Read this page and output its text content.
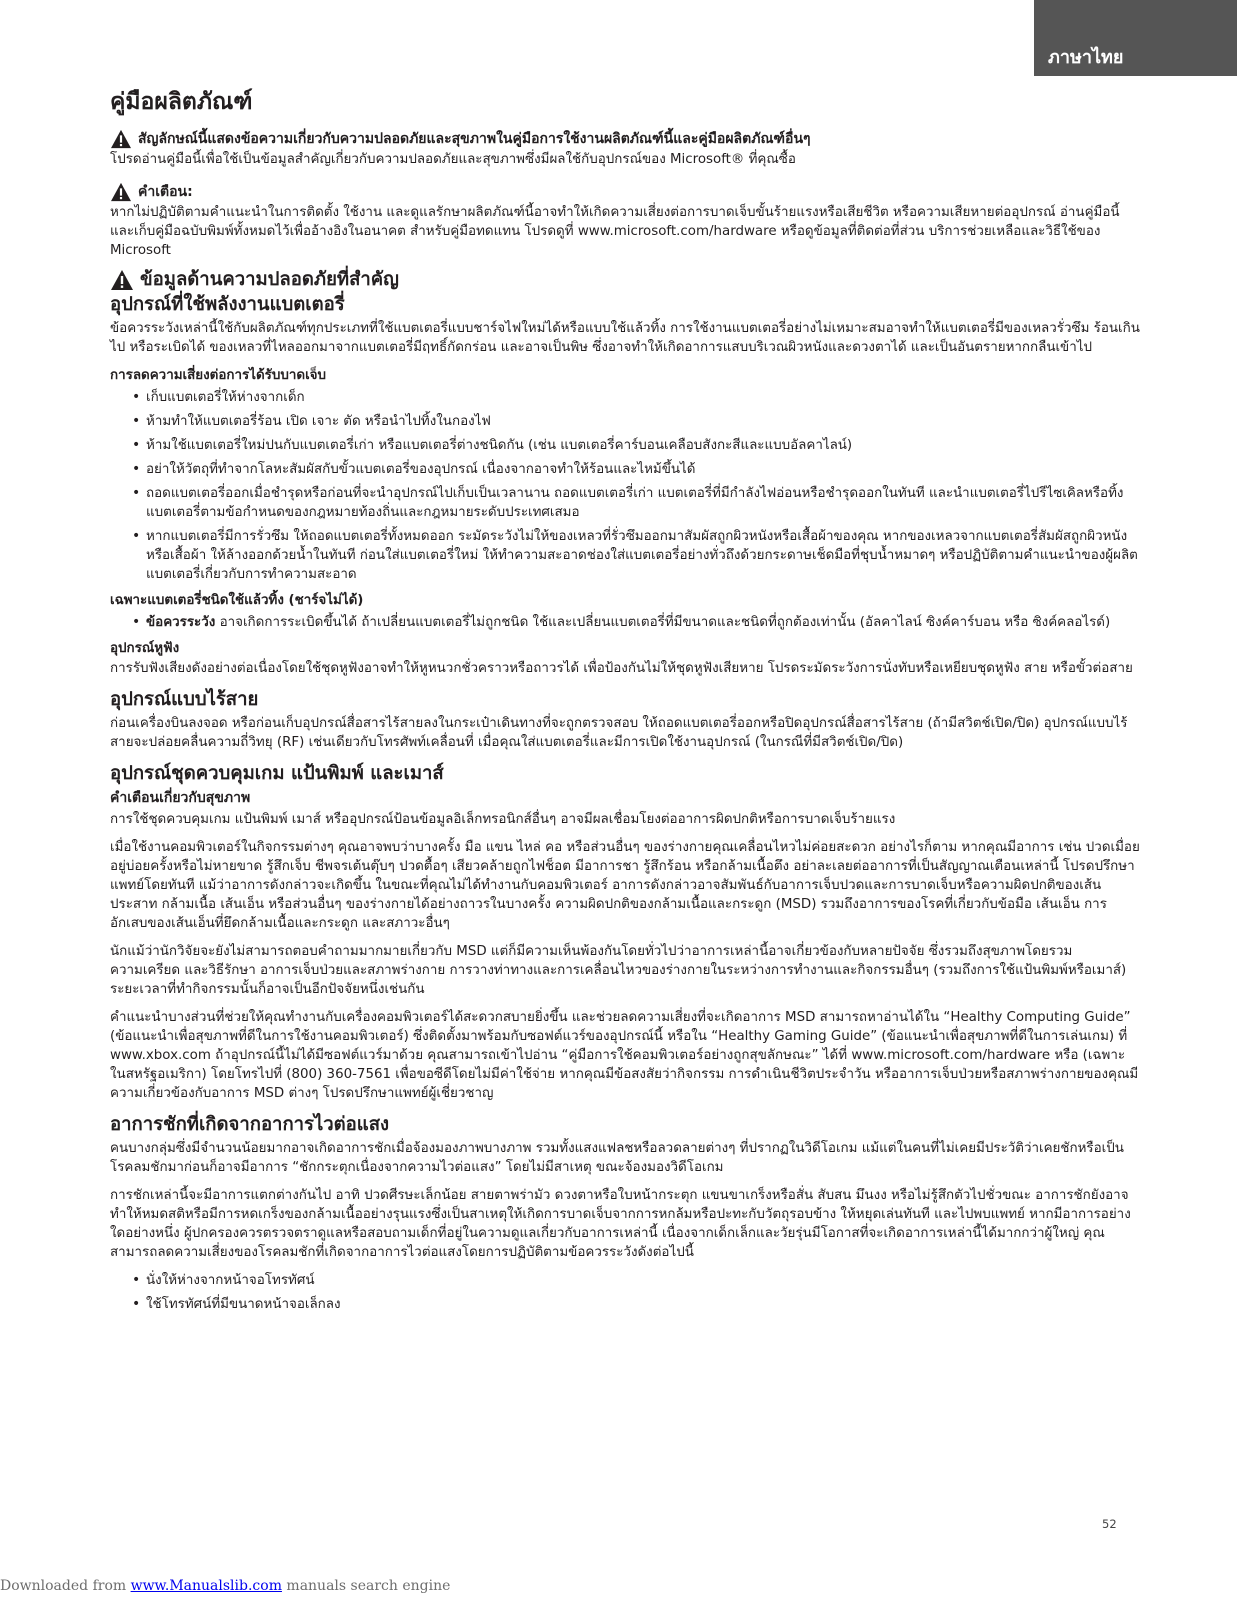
ภาษาไทย
คู่มือผลิตภัณฑ์
สัญลักษณ์นี้แสดงข้อความเกี่ยวกับความปลอดภัยและสุขภาพในคู่มือการใช้งานผลิตภัณฑ์นี้และคู่มือผลิตภัณฑ์อื่นๆ

โปรดอ่านคู่มือนี้เพื่อใช้เป็นข้อมูลสำคัญเกี่ยวกับความปลอดภัยและสุขภาพซึ่งมีผลใช้กับอุปกรณ์ของ Microsoft® ที่คุณซื้อ

คำเตือน:

หากไม่ปฏิบัติตามคำแนะนำในการติดตั้ง ใช้งาน และดูแลรักษาผลิตภัณฑ์นี้อาจทำให้เกิดความเสี่ยงต่อการบาดเจ็บขั้นร้ายแรงหรือเสียชีวิต หรือความเสียหายต่ออุปกรณ์ อ่านคู่มือนี้ และเก็บคู่มือฉบับพิมพ์ทั้งหมดไว้เพื่ออ้างอิงในอนาคต สำหรับคู่มือทดแทน โปรดดูที่ www.microsoft.com/hardware หรือดูข้อมูลที่ติดต่อที่ส่วน บริการช่วยเหลือและวิธีใช้ของ Microsoft

ข้อมูลด้านความปลอดภัยที่สำคัญ
อุปกรณ์ที่ใช้พลังงานแบตเตอรี่

ข้อควรระวังเหล่านี้ใช้กับผลิตภัณฑ์ทุกประเภทที่ใช้แบตเตอรี่แบบชาร์จไฟใหม่ได้หรือแบบใช้แล้วทิ้ง การใช้งานแบตเตอรี่อย่างไม่เหมาะสมอาจทำให้แบตเตอรี่มีของเหลวรั่วซึม ร้อนเกินไป หรือระเบิดได้ ของเหลวที่ไหลออกมาจากแบตเตอรี่มีฤทธิ์กัดกร่อน และอาจเป็นพิษ ซึ่งอาจทำให้เกิดอาการแสบบริเวณผิวหนังและดวงตาได้ และเป็นอันตรายหากกลืนเข้าไป

การลดความเสี่ยงต่อการได้รับบาดเจ็บ
• เก็บแบตเตอรี่ให้ห่างจากเด็ก
• ห้ามทำให้แบตเตอรี่ร้อน เปิด เจาะ ตัด หรือนำไปทิ้งในกองไฟ
• ห้ามใช้แบตเตอรี่ใหม่ปนกับแบตเตอรี่เก่า หรือแบตเตอรี่ต่างชนิดกัน (เช่น แบตเตอรี่คาร์บอนเคลือบสังกะสีและแบบอัลคาไลน์)
• อย่าให้วัตถุที่ทำจากโลหะสัมผัสกับขั้วแบตเตอรี่ของอุปกรณ์ เนื่องจากอาจทำให้ร้อนและไหม้ขึ้นได้
• ถอดแบตเตอรี่ออกเมื่อชำรุดหรือก่อนที่จะนำอุปกรณ์ไปเก็บเป็นเวลานาน ถอดแบตเตอรี่เก่า แบตเตอรี่ที่มีกำลังไฟอ่อนหรือชำรุดออกในทันที และนำแบตเตอรี่ไปรีไซเคิลหรือทิ้งแบตเตอรี่ตามข้อกำหนดของกฎหมายท้องถิ่นและกฎหมายระดับประเทศเสมอ
• หากแบตเตอรี่มีการรั่วซึม ให้ถอดแบตเตอรี่ทั้งหมดออก ระมัดระวังไม่ให้ของเหลวที่รั่วซึมออกมาสัมผัสถูกผิวหนังหรือเสื้อผ้าของคุณ หากของเหลวจากแบตเตอรี่สัมผัสถูกผิวหนังหรือเสื้อผ้า ให้ล้างออกด้วยน้ำในทันที ก่อนใส่แบตเตอรี่ใหม่ ให้ทำความสะอาดช่องใส่แบตเตอรี่อย่างทั่วถึงด้วยกระดาษเช็ดมือที่ชุบน้ำหมาดๆ หรือปฏิบัติตามคำแนะนำของผู้ผลิตแบตเตอรี่เกี่ยวกับการทำความสะอาด
เฉพาะแบตเตอรี่ชนิดใช้แล้วทิ้ง (ชาร์จไม่ได้)
• ข้อควรระวัง อาจเกิดการระเบิดขึ้นได้ ถ้าเปลี่ยนแบตเตอรี่ไม่ถูกชนิด ใช้และเปลี่ยนแบตเตอรี่ที่มีขนาดและชนิดที่ถูกต้องเท่านั้น (อัลคาไลน์ ซิงค์คาร์บอน หรือ ซิงค์คลอไรด์)
อุปกรณ์หูฟัง

การรับฟังเสียงดังอย่างต่อเนื่องโดยใช้ชุดหูฟังอาจทำให้หูหนวกชั่วคราวหรือถาวรได้ เพื่อป้องกันไม่ให้ชุดหูฟังเสียหาย โปรดระมัดระวังการนั่งทับหรือเหยียบชุดหูฟัง สาย หรือขั้วต่อสาย

อุปกรณ์แบบไร้สาย

ก่อนเครื่องบินลงจอด หรือก่อนเก็บอุปกรณ์สื่อสารไร้สายลงในกระเป๋าเดินทางที่จะถูกตรวจสอบ ให้ถอดแบตเตอรี่ออกหรือปิดอุปกรณ์สื่อสารไร้สาย (ถ้ามีสวิตช์เปิด/ปิด) อุปกรณ์แบบไร้สายจะปล่อยคลื่นความถี่วิทยุ (RF) เช่นเดียวกับโทรศัพท์เคลื่อนที่ เมื่อคุณใส่แบตเตอรี่และมีการเปิดใช้งานอุปกรณ์ (ในกรณีที่มีสวิตช์เปิด/ปิด)

อุปกรณ์ชุดควบคุมเกม แป้นพิมพ์ และเมาส์
คำเตือนเกี่ยวกับสุขภาพ

การใช้ชุดควบคุมเกม แป้นพิมพ์ เมาส์ หรืออุปกรณ์ป้อนข้อมูลอิเล็กทรอนิกส์อื่นๆ อาจมีผลเชื่อมโยงต่ออาการผิดปกติหรือการบาดเจ็บร้ายแรง

เมื่อใช้งานคอมพิวเตอร์ในกิจกรรมต่างๆ คุณอาจพบว่าบางครั้ง มือ แขน ไหล่ คอ หรือส่วนอื่นๆ ของร่างกายคุณเคลื่อนไหวไม่ค่อยสะดวก อย่างไรก็ตาม หากคุณมีอาการ เช่น ปวดเมื่อยอยู่บ่อยครั้งหรือไม่หายขาด รู้สึกเจ็บ ชีพจรเต้นตุ๊บๆ ปวดตื้อๆ เสียวคล้ายถูกไฟช็อต มีอาการชา รู้สึกร้อน หรือกล้ามเนื้อตึง อย่าละเลยต่ออาการที่เป็นสัญญาณเตือนเหล่านี้ โปรดปรึกษาแพทย์โดยทันที แม้ว่าอาการดังกล่าวจะเกิดขึ้น ในขณะที่คุณไม่ได้ทำงานกับคอมพิวเตอร์ อาการดังกล่าวอาจสัมพันธ์กับอาการเจ็บปวดและการบาดเจ็บหรือความผิดปกติของเส้นประสาท กล้ามเนื้อ เส้นเอ็น หรือส่วนอื่นๆ ของร่างกายได้อย่างถาวรในบางครั้ง ความผิดปกติของกล้ามเนื้อและกระดูก (MSD) รวมถึงอาการของโรคที่เกี่ยวกับข้อมือ เส้นเอ็น การอักเสบของเส้นเอ็นที่ยึดกล้ามเนื้อและกระดูก และสภาวะอื่นๆ

นักแม้ว่านักวิจัยจะยังไม่สามารถตอบคำถามมากมายเกี่ยวกับ MSD แต่ก็มีความเห็นพ้องกันโดยทั่วไปว่าอาการเหล่านี้อาจเกี่ยวข้องกับหลายปัจจัย ซึ่งรวมถึงสุขภาพโดยรวม ความเครียด และวิธีรักษา อาการเจ็บป่วยและสภาพร่างกาย การวางท่าทางและการเคลื่อนไหวของร่างกายในระหว่างการทำงานและกิจกรรมอื่นๆ (รวมถึงการใช้แป้นพิมพ์หรือเมาส์) ระยะเวลาที่ทำกิจกรรมนั้นก็อาจเป็นอีกปัจจัยหนึ่งเช่นกัน

คำแนะนำบางส่วนที่ช่วยให้คุณทำงานกับเครื่องคอมพิวเตอร์ได้สะดวกสบายยิ่งขึ้น และช่วยลดความเสี่ยงที่จะเกิดอาการ MSD สามารถหาอ่านได้ใน “Healthy Computing Guide” (ข้อแนะนำเพื่อสุขภาพที่ดีในการใช้งานคอมพิวเตอร์) ซึ่งติดตั้งมาพร้อมกับซอฟต์แวร์ของอุปกรณ์นี้ หรือใน “Healthy Gaming Guide” (ข้อแนะนำเพื่อสุขภาพที่ดีในการเล่นเกม) ที่ www.xbox.com ถ้าอุปกรณ์นี้ไม่ได้มีซอฟต์แวร์มาด้วย คุณสามารถเข้าไปอ่าน “คู่มือการใช้คอมพิวเตอร์อย่างถูกสุขลักษณะ” ได้ที่ www.microsoft.com/hardware หรือ (เฉพาะในสหรัฐอเมริกา) โดยโทรไปที่ (800) 360-7561 เพื่อขอซีดีโดยไม่มีค่าใช้จ่าย หากคุณมีข้อสงสัยว่ากิจกรรม การดำเนินชีวิตประจำวัน หรืออาการเจ็บป่วยหรือสภาพร่างกายของคุณมีความเกี่ยวข้องกับอาการ MSD ต่างๆ โปรดปรึกษาแพทย์ผู้เชี่ยวชาญ

อาการชักที่เกิดจากอาการไวต่อแสง

คนบางกลุ่มซึ่งมีจำนวนน้อยมากอาจเกิดอาการชักเมื่อจ้องมองภาพบางภาพ รวมทั้งแสงแฟลชหรือลวดลายต่างๆ ที่ปรากฏในวิดีโอเกม แม้แต่ในคนที่ไม่เคยมีประวัติว่าเคยชักหรือเป็นโรคลมชักมาก่อนก็อาจมีอาการ “ชักกระตุกเนื่องจากความไวต่อแสง” โดยไม่มีสาเหตุ ขณะจ้องมองวิดีโอเกม

การชักเหล่านี้จะมีอาการแตกต่างกันไป อาทิ ปวดศีรษะเล็กน้อย สายตาพร่ามัว ดวงตาหรือใบหน้ากระตุก แขนขาเกร็งหรือสั่น สับสน มึนงง หรือไม่รู้สึกตัวไปชั่วขณะ อาการชักยังอาจทำให้หมดสติหรือมีการหดเกร็งของกล้ามเนื้ออย่างรุนแรงซึ่งเป็นสาเหตุให้เกิดการบาดเจ็บจากการหกล้มหรือปะทะกับวัตถุรอบข้าง ให้หยุดเล่นทันที และไปพบแพทย์ หากมีอาการอย่างใดอย่างหนึ่ง ผู้ปกครองควรตรวจตราดูแลหรือสอบถามเด็กที่อยู่ในความดูแลเกี่ยวกับอาการเหล่านี้ เนื่องจากเด็กเล็กและวัยรุ่นมีโอกาสที่จะเกิดอาการเหล่านี้ได้มากกว่าผู้ใหญ่ คุณสามารถลดความเสี่ยงของโรคลมชักที่เกิดจากอาการไวต่อแสงโดยการปฏิบัติตามข้อควรระวังดังต่อไปนี้

• นั่งให้ห่างจากหน้าจอโทรทัศน์
• ใช้โทรทัศน์ที่มีขนาดหน้าจอเล็กลง
52
Downloaded from www.Manualslib.com manuals search engine
